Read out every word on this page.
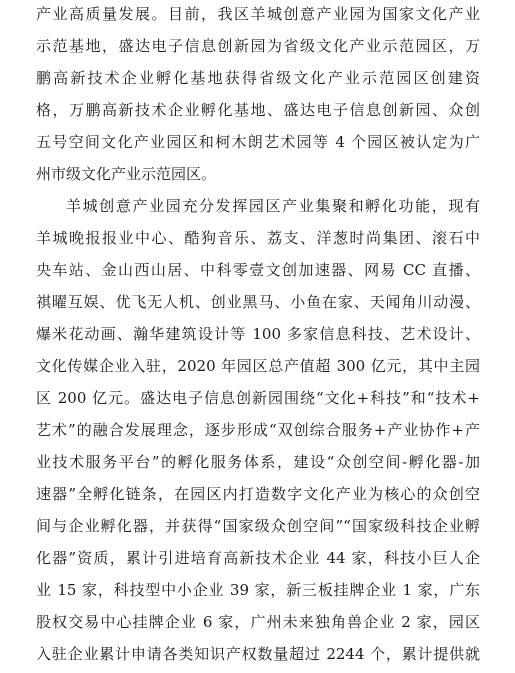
产业高质量发展。目前，我区羊城创意产业园为国家文化产业
示范基地，盛达电子信息创新园为省级文化产业示范园区，万
鹏高新技术企业孵化基地获得省级文化产业示范园区创建资
格，万鹏高新技术企业孵化基地、盛达电子信息创新园、众创
五号空间文化产业园区和柯木朗艺术园等 4 个园区被认定为广
州市级文化产业示范园区。
羊城创意产业园充分发挥园区产业集聚和孵化功能，现有
羊城晚报报业中心、酷狗音乐、荔支、洋葱时尚集团、滚石中
央车站、金山西山居、中科零壹文创加速器、网易 CC 直播、
祺曜互娱、优飞无人机、创业黑马、小鱼在家、天闻角川动漫、
爆米花动画、瀚华建筑设计等 100 多家信息科技、艺术设计、
文化传媒企业入驻，2020 年园区总产值超 300 亿元，其中主园
区 200 亿元。盛达电子信息创新园围绕“文化+科技”和“技术+
艺术”的融合发展理念，逐步形成“双创综合服务+产业协作+产
业技术服务平台”的孵化服务体系，建设“众创空间-孵化器-加
速器”全孵化链条，在园区内打造数字文化产业为核心的众创空
间与企业孵化器，并获得“国家级众创空间”“国家级科技企业孵
化器”资质，累计引进培育高新技术企业 44 家，科技小巨人企
业 15 家，科技型中小企业 39 家，新三板挂牌企业 1 家，广东
股权交易中心挂牌企业 6 家，广州未来独角兽企业 2 家，园区
入驻企业累计申请各类知识产权数量超过 2244 个，累计提供就
